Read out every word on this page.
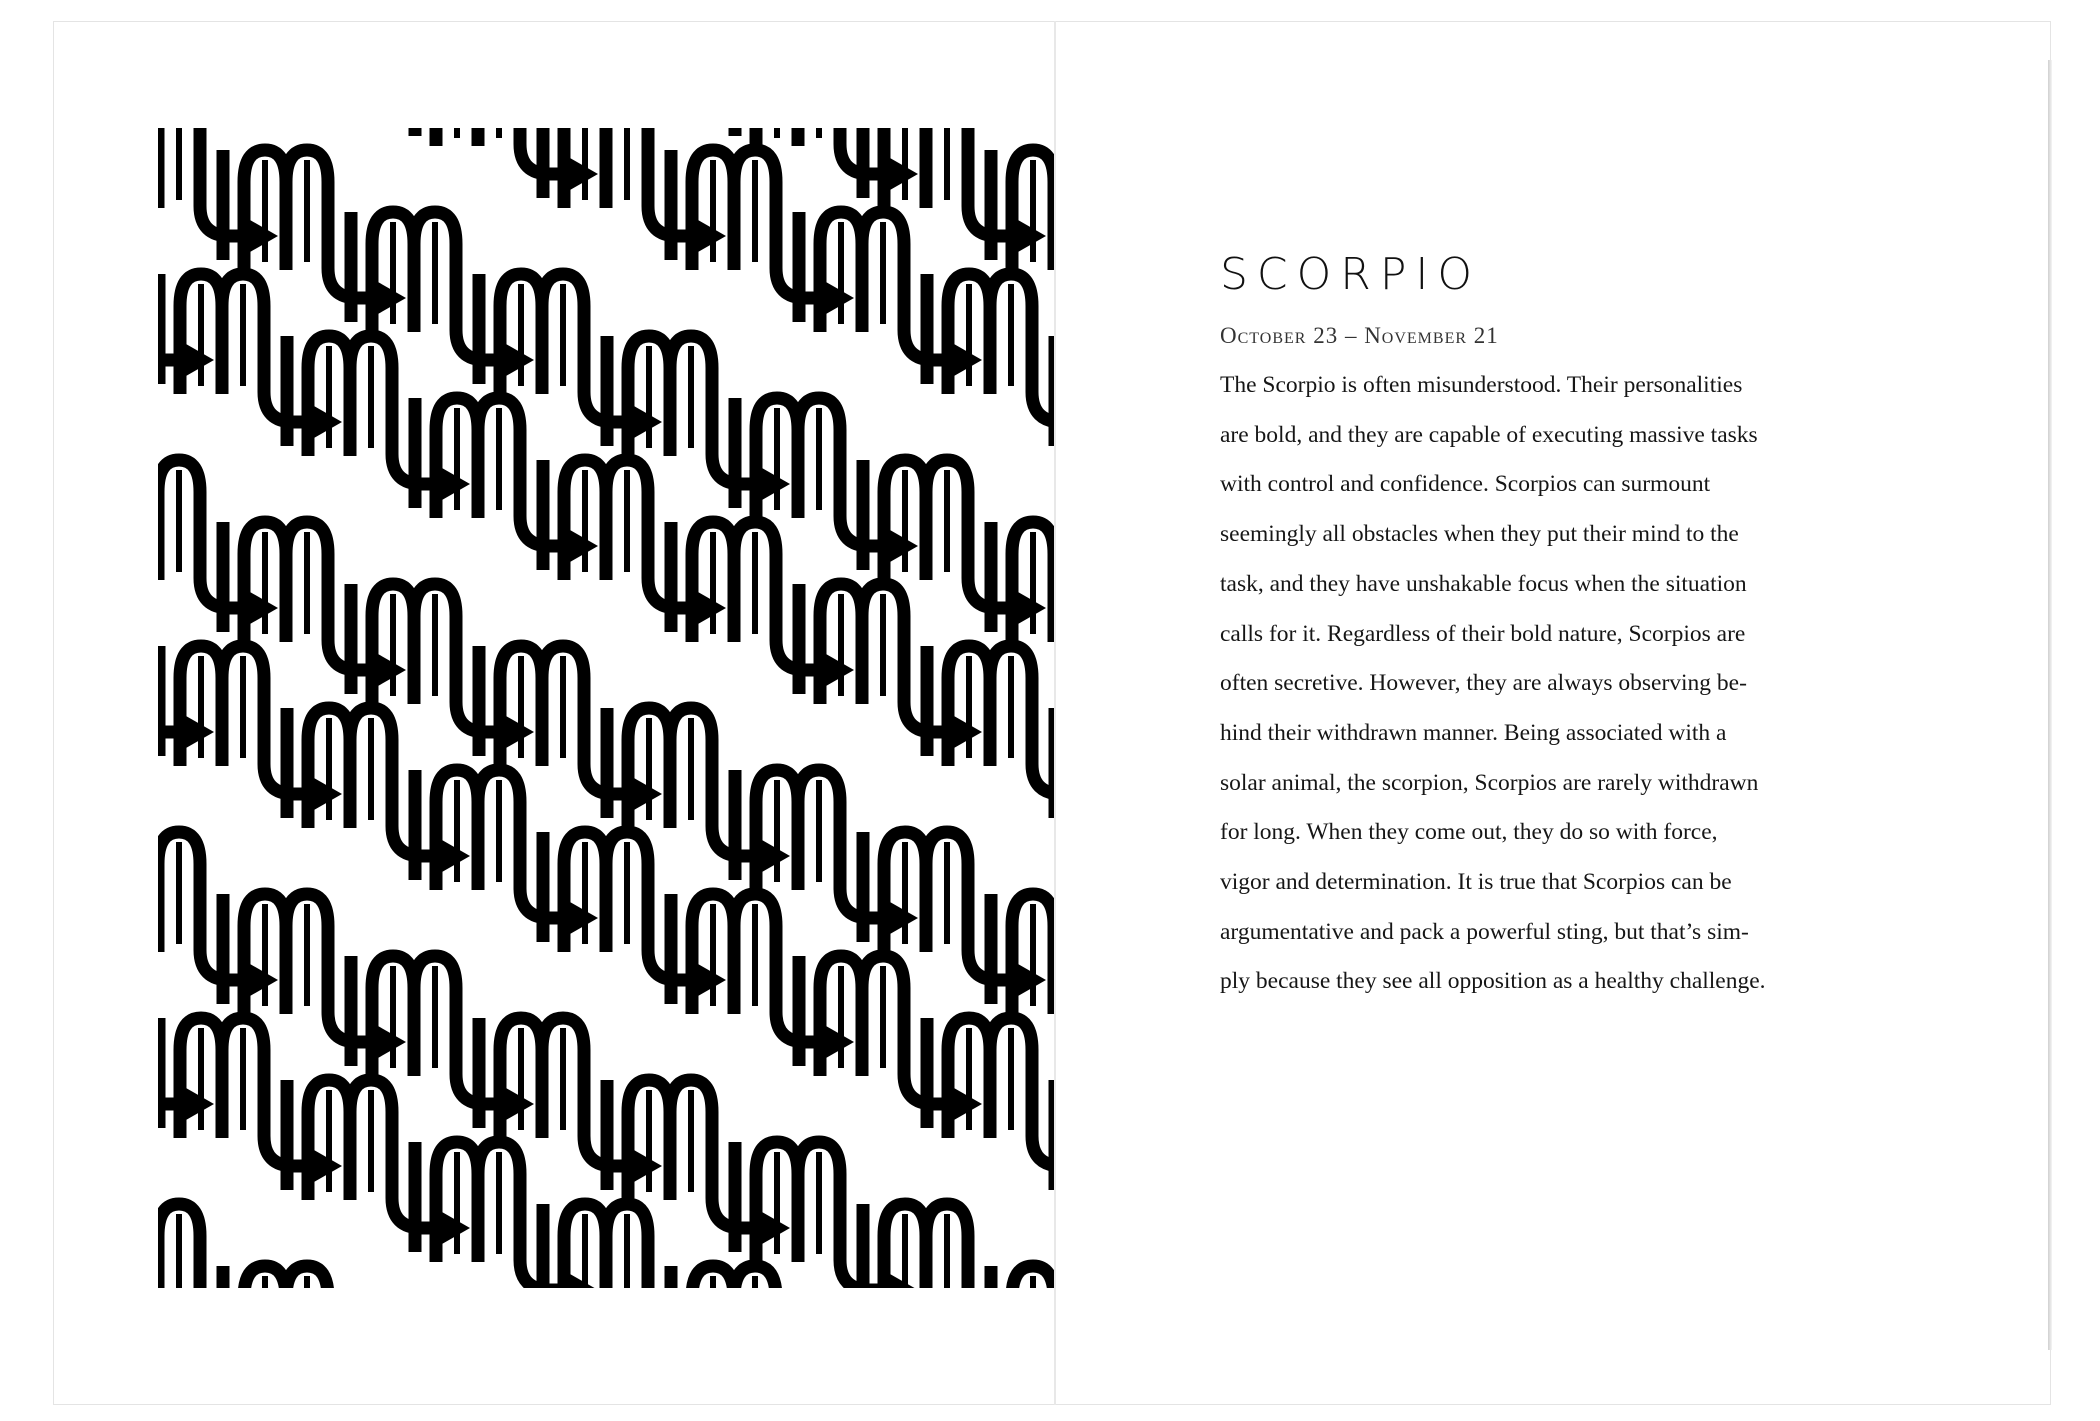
SCORPIO
October 23 – November 21
The Scorpio is often misunderstood. Their personalities
are bold, and they are capable of executing massive tasks
with control and confidence. Scorpios can surmount
seemingly all obstacles when they put their mind to the
task, and they have unshakable focus when the situation
calls for it. Regardless of their bold nature, Scorpios are
often secretive. However, they are always observing be-
hind their withdrawn manner. Being associated with a
solar animal, the scorpion, Scorpios are rarely withdrawn
for long. When they come out, they do so with force,
vigor and determination. It is true that Scorpios can be
argumentative and pack a powerful sting, but that’s sim-
ply because they see all opposition as a healthy challenge.
